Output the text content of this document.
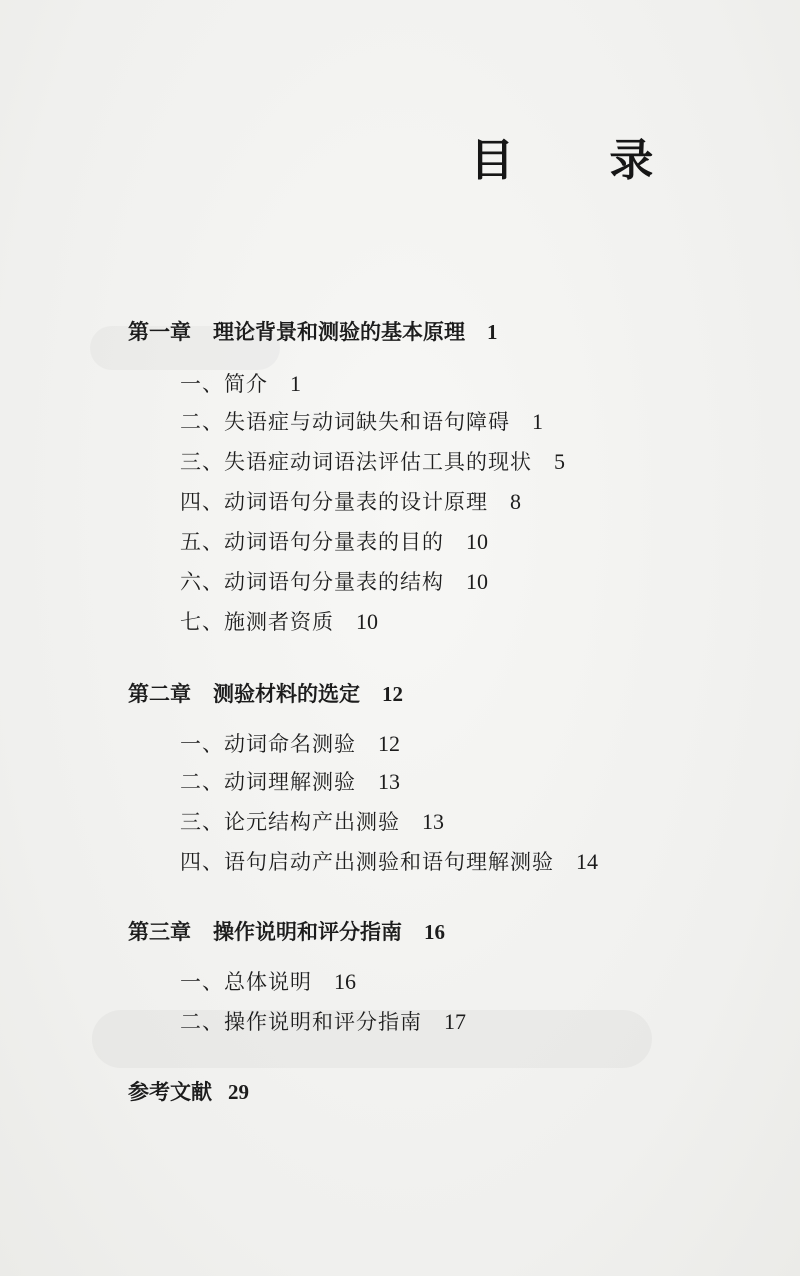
目 录
第一章 理论背景和测验的基本原理 1
一、简介 1
二、失语症与动词缺失和语句障碍 1
三、失语症动词语法评估工具的现状 5
四、动词语句分量表的设计原理 8
五、动词语句分量表的目的 10
六、动词语句分量表的结构 10
七、施测者资质 10
第二章 测验材料的选定 12
一、动词命名测验 12
二、动词理解测验 13
三、论元结构产出测验 13
四、语句启动产出测验和语句理解测验 14
第三章 操作说明和评分指南 16
一、总体说明 16
二、操作说明和评分指南 17
参考文献 29
